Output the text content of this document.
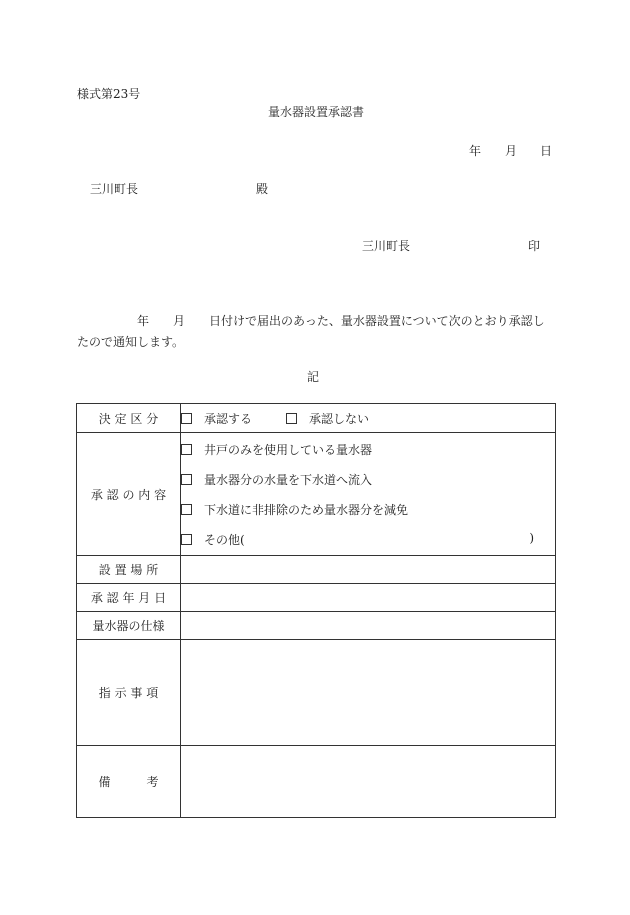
様式第23号
量水器設置承認書
年 月 日
三川町長	殿
三川町長	印
年 月 日付けで届出のあった、量水器設置について次のとおり承認したので通知します。
記
決 定 区 分	承認する 承認しない

承 認 の 内 容	井戸のみを使用している量水器
量水器分の水量を下水道へ流入
下水道に非排除のため量水器分を減免
その他( )

設 置 場 所	
承 認 年 月 日	
量水器の仕様	
指 示 事 項	
備　　　考	
